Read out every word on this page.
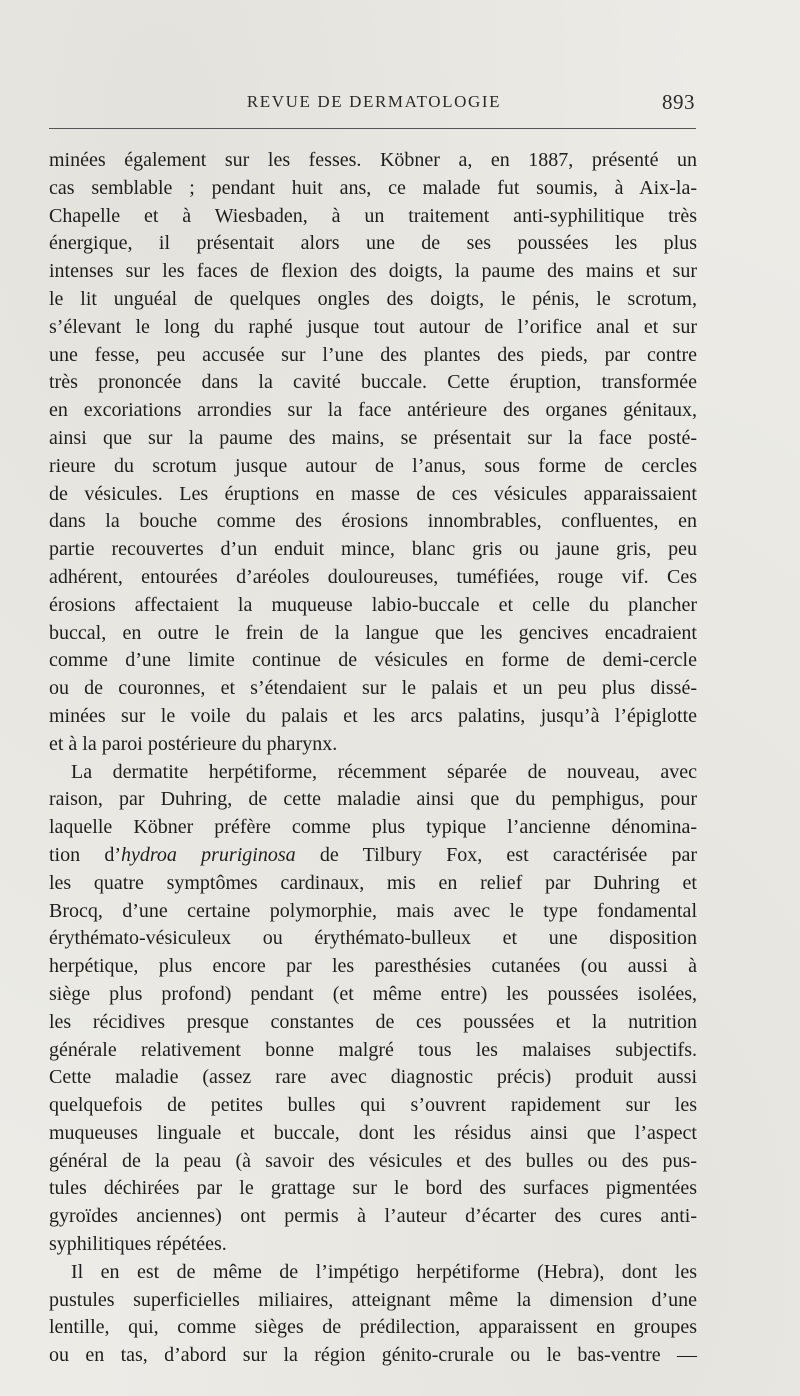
REVUE DE DERMATOLOGIE	893
minées également sur les fesses. Köbner a, en 1887, présenté un
cas semblable ; pendant huit ans, ce malade fut soumis, à Aix-la-
Chapelle et à Wiesbaden, à un traitement anti-syphilitique très
énergique, il présentait alors une de ses poussées les plus
intenses sur les faces de flexion des doigts, la paume des mains et sur
le lit unguéal de quelques ongles des doigts, le pénis, le scrotum,
s’élevant le long du raphé jusque tout autour de l’orifice anal et sur
une fesse, peu accusée sur l’une des plantes des pieds, par contre
très prononcée dans la cavité buccale. Cette éruption, transformée
en excoriations arrondies sur la face antérieure des organes génitaux,
ainsi que sur la paume des mains, se présentait sur la face posté-
rieure du scrotum jusque autour de l’anus, sous forme de cercles
de vésicules. Les éruptions en masse de ces vésicules apparaissaient
dans la bouche comme des érosions innombrables, confluentes, en
partie recouvertes d’un enduit mince, blanc gris ou jaune gris, peu
adhérent, entourées d’aréoles douloureuses, tuméfiées, rouge vif. Ces
érosions affectaient la muqueuse labio-buccale et celle du plancher
buccal, en outre le frein de la langue que les gencives encadraient
comme d’une limite continue de vésicules en forme de demi-cercle
ou de couronnes, et s’étendaient sur le palais et un peu plus dissé-
minées sur le voile du palais et les arcs palatins, jusqu’à l’épiglotte
et à la paroi postérieure du pharynx.
La dermatite herpétiforme, récemment séparée de nouveau, avec
raison, par Duhring, de cette maladie ainsi que du pemphigus, pour
laquelle Köbner préfère comme plus typique l’ancienne dénomina-
tion d’hydroa pruriginosa de Tilbury Fox, est caractérisée par
les quatre symptômes cardinaux, mis en relief par Duhring et
Brocq, d’une certaine polymorphie, mais avec le type fondamental
érythémato-vésiculeux ou érythémato-bulleux et une disposition
herpétique, plus encore par les paresthésies cutanées (ou aussi à
siège plus profond) pendant (et même entre) les poussées isolées,
les récidives presque constantes de ces poussées et la nutrition
générale relativement bonne malgré tous les malaises subjectifs.
Cette maladie (assez rare avec diagnostic précis) produit aussi
quelquefois de petites bulles qui s’ouvrent rapidement sur les
muqueuses linguale et buccale, dont les résidus ainsi que l’aspect
général de la peau (à savoir des vésicules et des bulles ou des pus-
tules déchirées par le grattage sur le bord des surfaces pigmentées
gyroïdes anciennes) ont permis à l’auteur d’écarter des cures anti-
syphilitiques répétées.
Il en est de même de l’impétigo herpétiforme (Hebra), dont les
pustules superficielles miliaires, atteignant même la dimension d’une
lentille, qui, comme sièges de prédilection, apparaissent en groupes
ou en tas, d’abord sur la région génito-crurale ou le bas-ventre —
